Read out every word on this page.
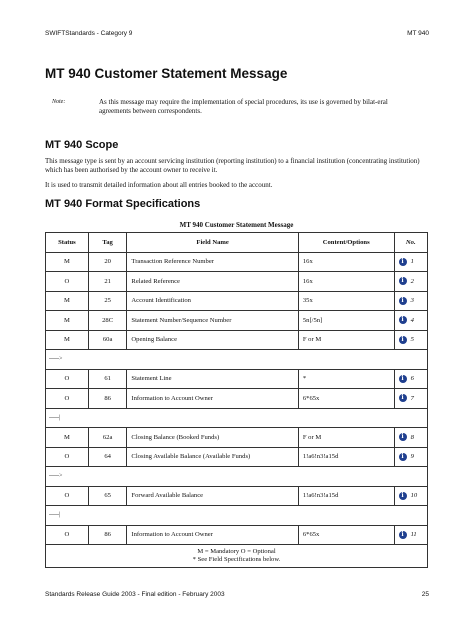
SWIFTStandards - Category 9	MT 940
MT 940 Customer Statement Message
Note:	As this message may require the implementation of special procedures, its use is governed by bilat-eral agreements between correspondents.
MT 940 Scope
This message type is sent by an account servicing institution (reporting institution) to a financial institution (concentrating institution) which has been authorised by the account owner to receive it.
It is used to transmit detailed information about all entries booked to the account.
MT 940 Format Specifications
MT 940 Customer Statement Message
Status	Tag	Field Name	Content/Options	No.
M	20	Transaction Reference Number	16x	i 1
O	21	Related Reference	16x	i 2
M	25	Account Identification	35x	i 3
M	28C	Statement Number/Sequence Number	5n[/5n]	i 4
M	60a	Opening Balance	F or M	i 5
----->				
O	61	Statement Line	*	i 6
O	86	Information to Account Owner	6*65x	i 7
-----|				
M	62a	Closing Balance (Booked Funds)	F or M	i 8
O	64	Closing Available Balance (Available Funds)	1!a6!n3!a15d	i 9
----->				
O	65	Forward Available Balance	1!a6!n3!a15d	i 10
-----|				
O	86	Information to Account Owner	6*65x	i 11

M = Mandatory O = Optional
* See Field Specifications below.				
Standards Release Guide 2003 - Final edition - February 2003	25
